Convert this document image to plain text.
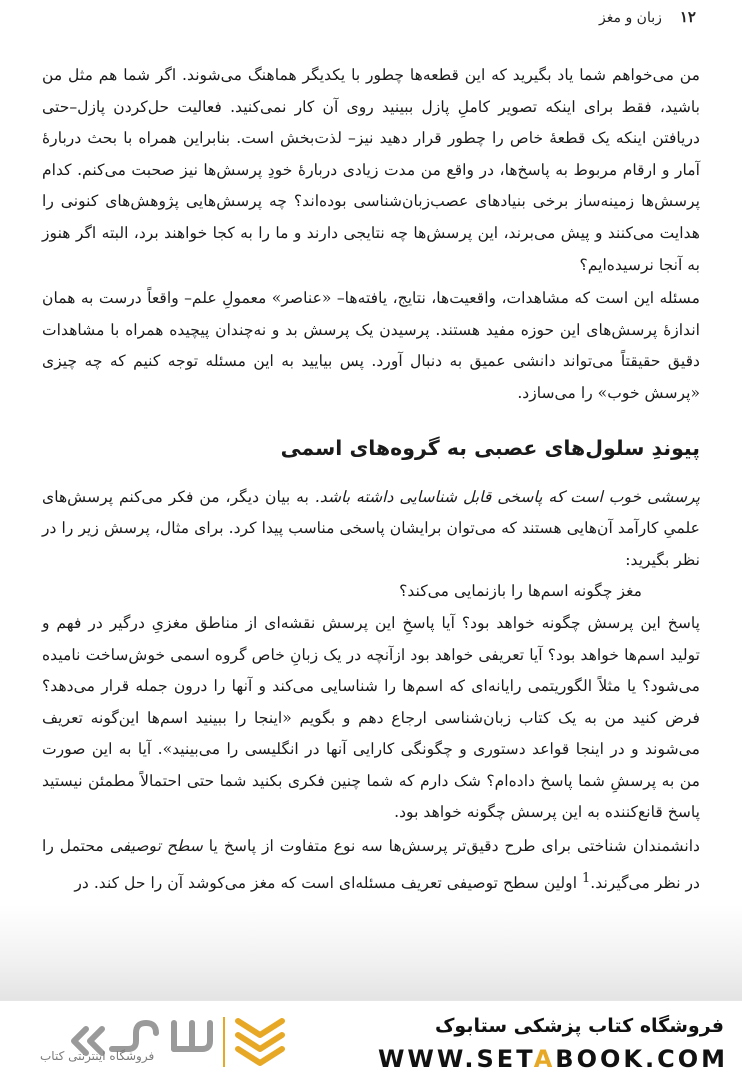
۱۲
زبان و مغز

من می‌خواهم شما یاد بگیرید که این قطعه‌ها چطور با یکدیگر هماهنگ می‌شوند. اگر شما هم مثل من باشید، فقط برای اینکه تصویر کاملِ پازل ببینید روی آن کار نمی‌کنید. فعالیت حل‌کردن پازل–حتی دریافتن اینکه یک قطعهٔ خاص را چطور قرار دهید نیز– لذت‌بخش است. بنابراین همراه با بحث دربارهٔ آمار و ارقام مربوط به پاسخ‌ها، در واقع من مدت زیادی دربارهٔ خودِ پرسش‌ها نیز صحبت می‌کنم. کدام پرسش‌ها زمینه‌ساز برخی بنیادهای عصب‌زبان‌شناسی بوده‌اند؟ چه پرسش‌هایی پژوهش‌های کنونی را هدایت می‌کنند و پیش می‌برند، این پرسش‌ها چه نتایجی دارند و ما را به کجا خواهند برد، البته اگر هنوز به آنجا نرسیده‌ایم؟

مسئله این است که مشاهدات، واقعیت‌ها، نتایج، یافته‌ها– «عناصر» معمولِ علم– واقعاً درست به همان اندازهٔ پرسش‌های این حوزه مفید هستند. پرسیدن یک پرسش بد و نه‌چندان پیچیده همراه با مشاهدات دقیق حقیقتاً می‌تواند دانشی عمیق به دنبال آورد. پس بیایید به این مسئله توجه کنیم که چه چیزی «پرسش خوب» را می‌سازد.

پیوندِ سلول‌های عصبی به گروه‌های اسمی

پرسشی خوب است که پاسخی قابل شناسایی داشته باشد. به بیان دیگر، من فکر می‌کنم پرسش‌های علمیِ کارآمد آن‌هایی هستند که می‌توان برایشان پاسخی مناسب پیدا کرد. برای مثال، پرسش زیر را در نظر بگیرید:

مغز چگونه اسم‌ها را بازنمایی می‌کند؟

پاسخ این پرسش چگونه خواهد بود؟ آیا پاسخِ این پرسش نقشه‌ای از مناطق مغزیِ درگیر در فهم و تولید اسم‌ها خواهد بود؟ آیا تعریفی خواهد بود ازآنچه در یک زبانِ خاص گروه اسمی خوش‌ساخت نامیده می‌شود؟ یا مثلاً الگوریتمی رایانه‌ای که اسم‌ها را شناسایی می‌کند و آنها را درون جمله قرار می‌دهد؟ فرض کنید من به یک کتاب زبان‌شناسی ارجاع دهم و بگویم «اینجا را ببینید اسم‌ها این‌گونه تعریف می‌شوند و در اینجا قواعد دستوری و چگونگی کارایی آنها در انگلیسی را می‌بینید». آیا به این صورت من به پرسشِ شما پاسخ داده‌ام؟ شک دارم که شما چنین فکری بکنید شما حتی احتمالاً مطمئن نیستید پاسخ قانع‌کننده به این پرسش چگونه خواهد بود.

دانشمندان شناختی برای طرح دقیق‌تر پرسش‌ها سه نوع متفاوت از پاسخ یا سطح توصیفی محتمل را در نظر می‌گیرند.$^1$ اولین سطح توصیفی تعریف مسئله‌ای است که مغز می‌کوشد آن را حل کند. در

فروشگاه اینترنتی کتاب
فروشگاه کتاب پزشکی ستابوک
WWW.SETABOOK.COM
